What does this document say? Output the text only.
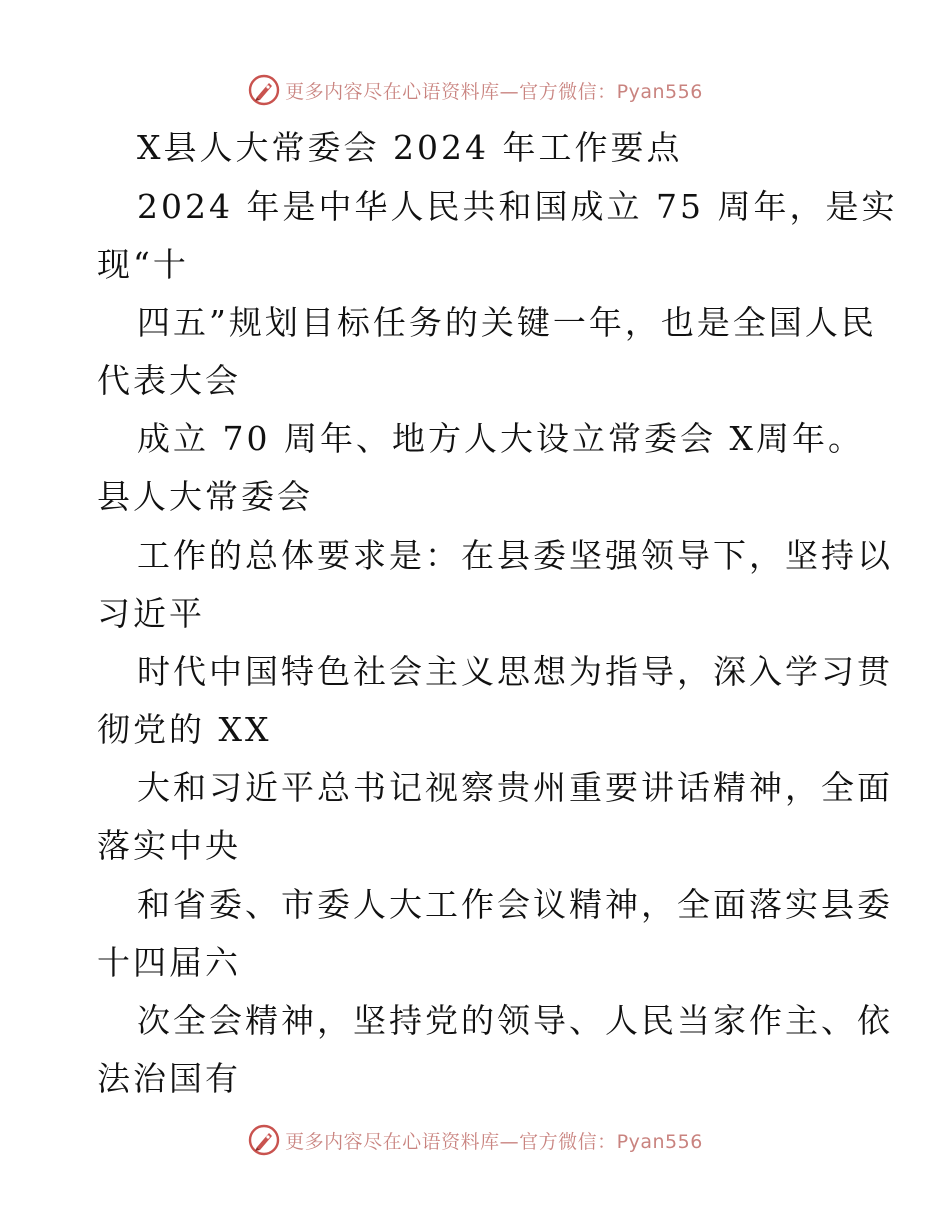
更多内容尽在心语资料库—官方微信：Pyan556
X县人大常委会 2024 年工作要点
2024 年是中华人民共和国成立 75 周年，是实
现“十
四五”规划目标任务的关键一年，也是全国人民
代表大会
成立 70 周年、地方人大设立常委会 X周年。
县人大常委会
工作的总体要求是：在县委坚强领导下，坚持以
习近平
时代中国特色社会主义思想为指导，深入学习贯
彻党的 XX
大和习近平总书记视察贵州重要讲话精神，全面
落实中央
和省委、市委人大工作会议精神，全面落实县委
十四届六
次全会精神，坚持党的领导、人民当家作主、依
法治国有
更多内容尽在心语资料库—官方微信：Pyan556
